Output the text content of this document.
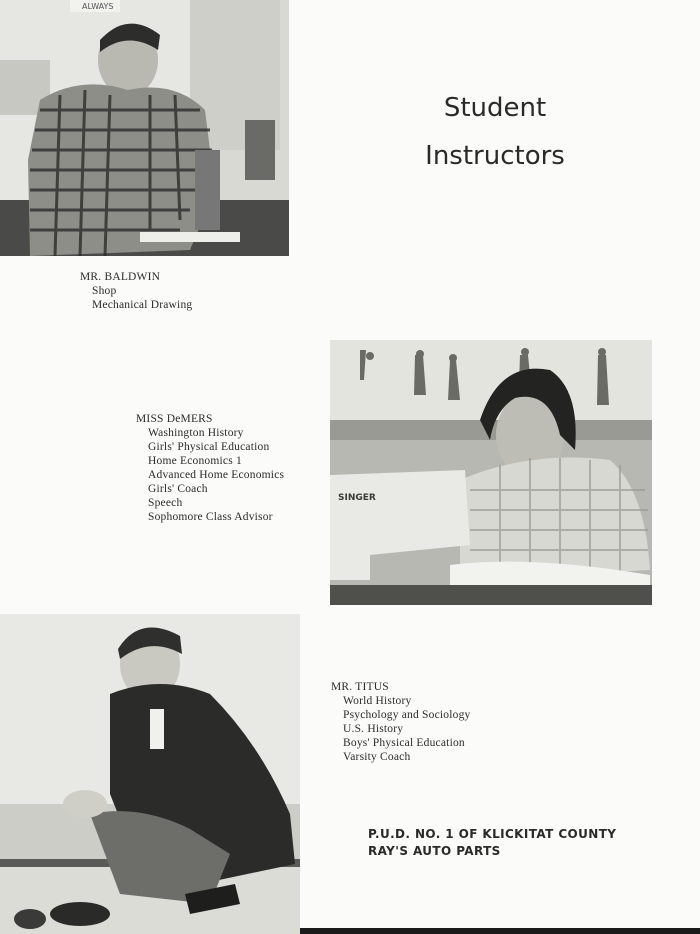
ALWAYS
Student
Instructors
MR. BALDWIN
Shop
Mechanical Drawing
SINGER
MISS DeMERS
Washington History
Girls' Physical Education
Home Economics 1
Advanced Home Economics
Girls' Coach
Speech
Sophomore Class Advisor
MR. TITUS
World History
Psychology and Sociology
U.S. History
Boys' Physical Education
Varsity Coach
P.U.D. NO. 1 OF KLICKITAT COUNTY
RAY'S AUTO PARTS
